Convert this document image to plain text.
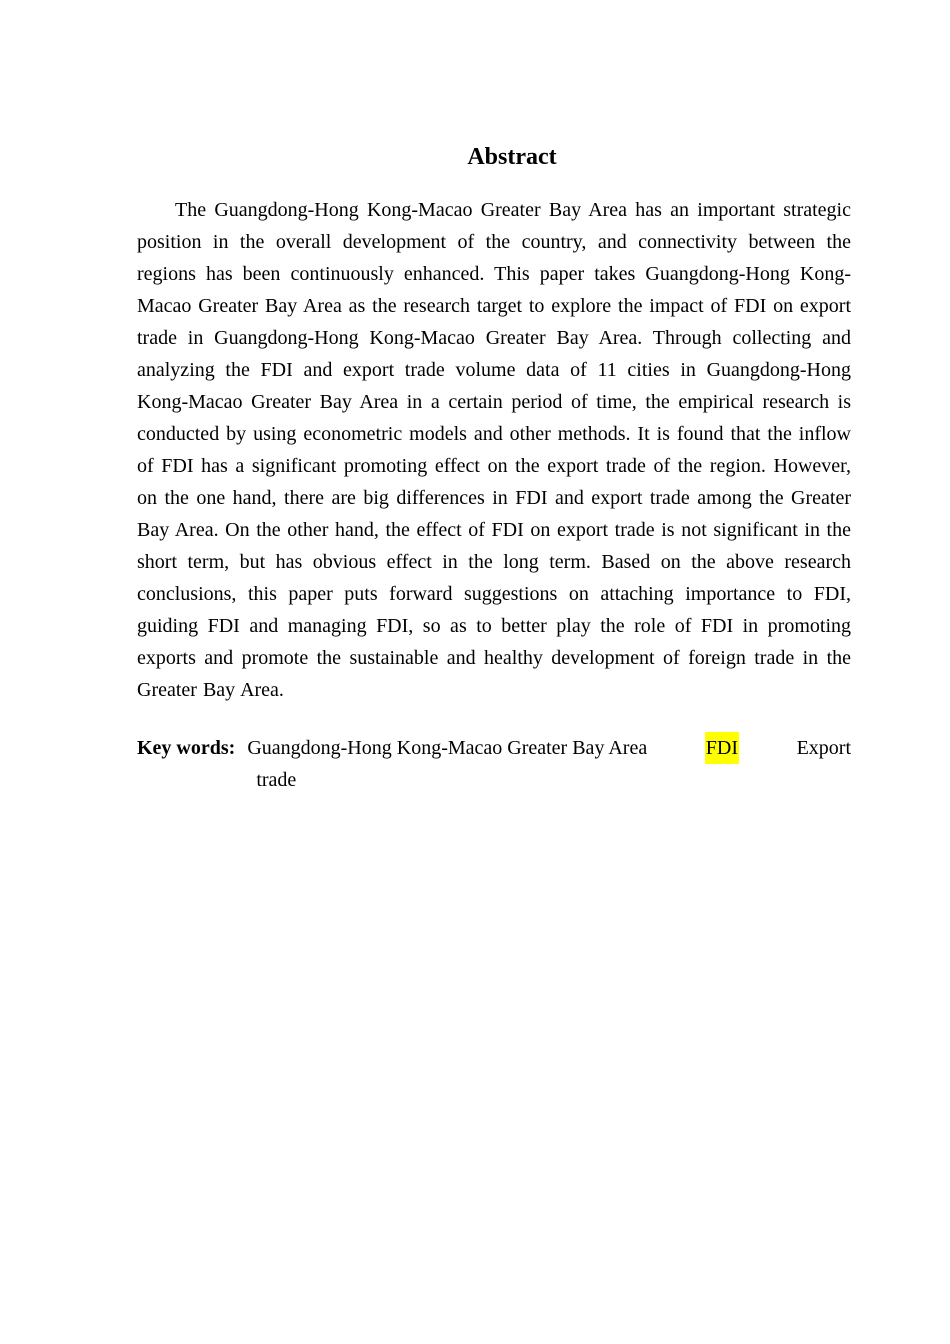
Abstract

The Guangdong-Hong Kong-Macao Greater Bay Area has an important strategic position in the overall development of the country, and connectivity between the regions has been continuously enhanced. This paper takes Guangdong-Hong Kong-Macao Greater Bay Area as the research target to explore the impact of FDI on export trade in Guangdong-Hong Kong-Macao Greater Bay Area. Through collecting and analyzing the FDI and export trade volume data of 11 cities in Guangdong-Hong Kong-Macao Greater Bay Area in a certain period of time, the empirical research is conducted by using econometric models and other methods. It is found that the inflow of FDI has a significant promoting effect on the export trade of the region. However, on the one hand, there are big differences in FDI and export trade among the Greater Bay Area. On the other hand, the effect of FDI on export trade is not significant in the short term, but has obvious effect in the long term. Based on the above research conclusions, this paper puts forward suggestions on attaching importance to FDI, guiding FDI and managing FDI, so as to better play the role of FDI in promoting exports and promote the sustainable and healthy development of foreign trade in the Greater Bay Area.

Key words: Guangdong-Hong Kong-Macao Greater Bay Area	FDI	Export
trade
